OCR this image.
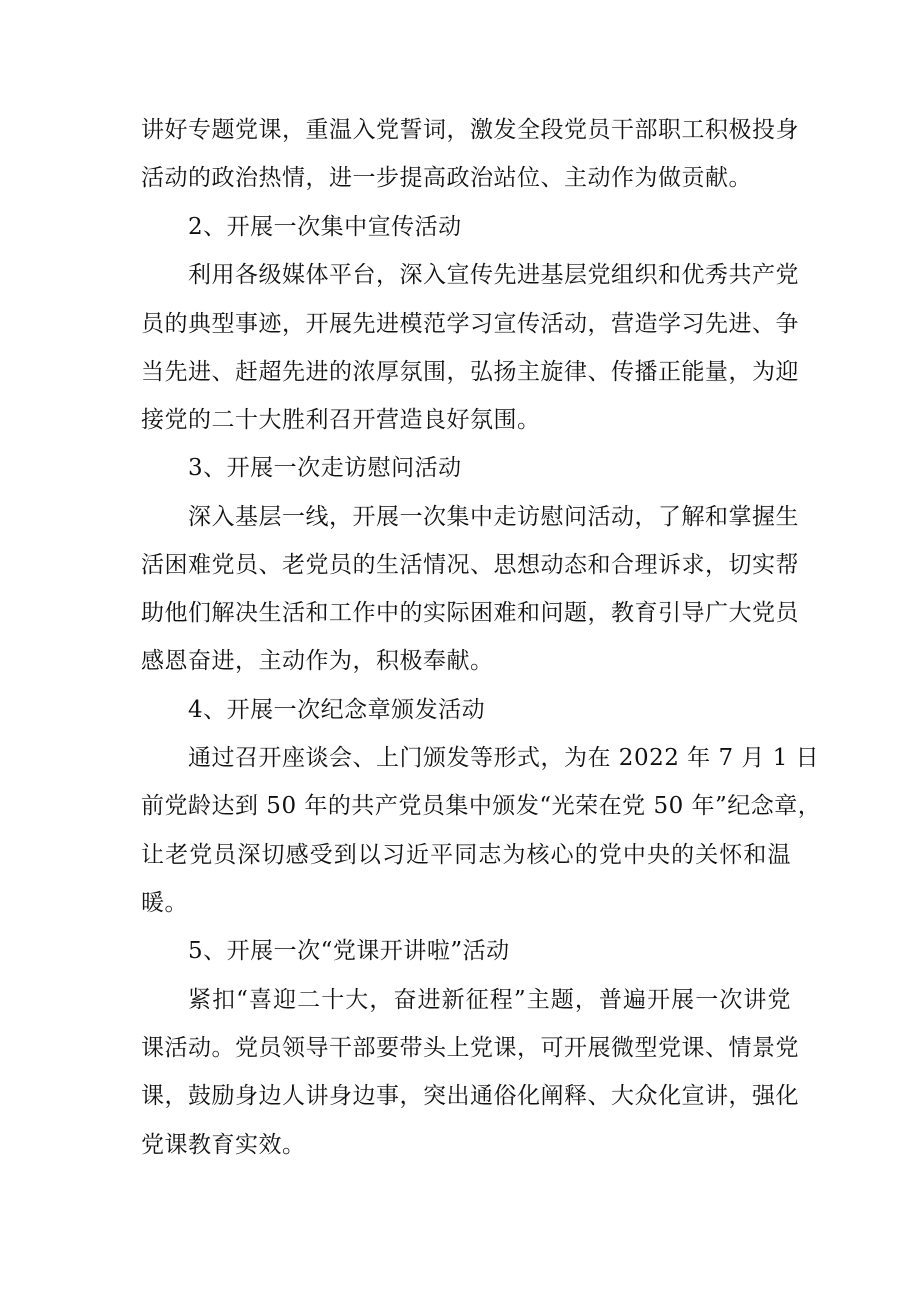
讲好专题党课，重温入党誓词，激发全段党员干部职工积极投身
活动的政治热情，进一步提高政治站位、主动作为做贡献。
2、开展一次集中宣传活动
利用各级媒体平台，深入宣传先进基层党组织和优秀共产党
员的典型事迹，开展先进模范学习宣传活动，营造学习先进、争
当先进、赶超先进的浓厚氛围，弘扬主旋律、传播正能量，为迎
接党的二十大胜利召开营造良好氛围。
3、开展一次走访慰问活动
深入基层一线，开展一次集中走访慰问活动，了解和掌握生
活困难党员、老党员的生活情况、思想动态和合理诉求，切实帮
助他们解决生活和工作中的实际困难和问题，教育引导广大党员
感恩奋进，主动作为，积极奉献。
4、开展一次纪念章颁发活动
通过召开座谈会、上门颁发等形式，为在 2022 年 7 月 1 日
前党龄达到 50 年的共产党员集中颁发“光荣在党 50 年”纪念章，
让老党员深切感受到以习近平同志为核心的党中央的关怀和温
暖。
5、开展一次“党课开讲啦”活动
紧扣“喜迎二十大，奋进新征程”主题，普遍开展一次讲党
课活动。党员领导干部要带头上党课，可开展微型党课、情景党
课，鼓励身边人讲身边事，突出通俗化阐释、大众化宣讲，强化
党课教育实效。
